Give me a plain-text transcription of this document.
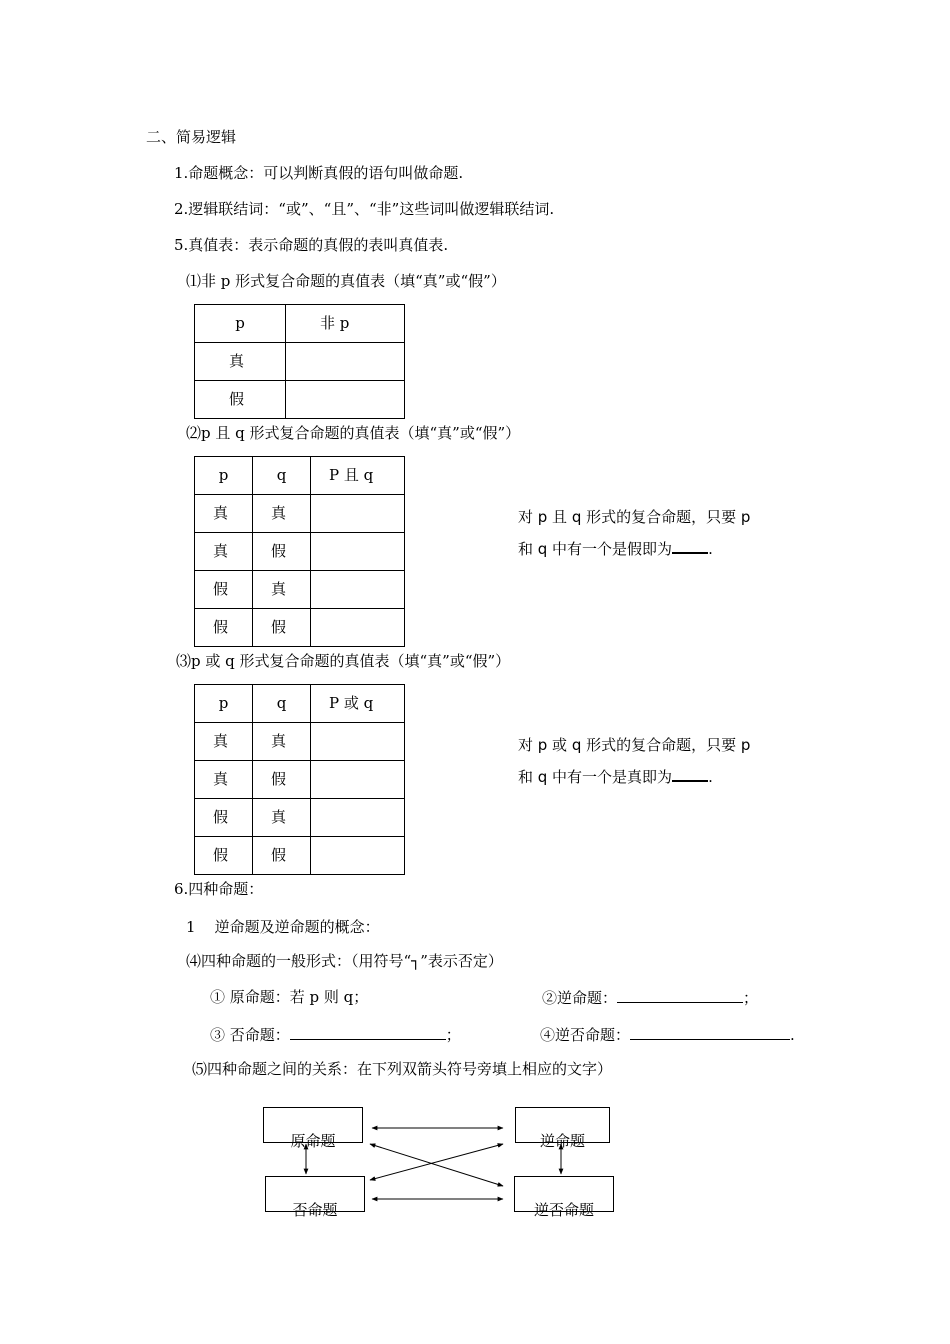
二、简易逻辑
1.命题概念：可以判断真假的语句叫做命题.
2.逻辑联结词：“或”、“且”、“非”这些词叫做逻辑联结词.
5.真值表：表示命题的真假的表叫真值表.
⑴非 p 形式复合命题的真值表（填“真”或“假”）
p	非 p

真	

假	

⑵p 且 q 形式复合命题的真值表（填“真”或“假”）
p	q	P 且 q

真	真	

真	假	

假	真	

假	假	

对 p 且 q 形式的复合命题，只要 p
和 q 中有一个是假即为 .
⑶p 或 q 形式复合命题的真值表（填“真”或“假”）
p	q	P 或 q

真	真	

真	假	

假	真	

假	假	

对 p 或 q 形式的复合命题，只要 p
和 q 中有一个是真即为 .
6.四种命题：
1    逆命题及逆命题的概念：
⑷四种命题的一般形式：（用符号“┐”表示否定）
① 原命题：若 p 则 q；	②逆命题：	；
③ 否命题：	；	④逆否命题：	.
⑸四种命题之间的关系：在下列双箭头符号旁填上相应的文字）
原命题	逆命题
否命题	逆否命题
